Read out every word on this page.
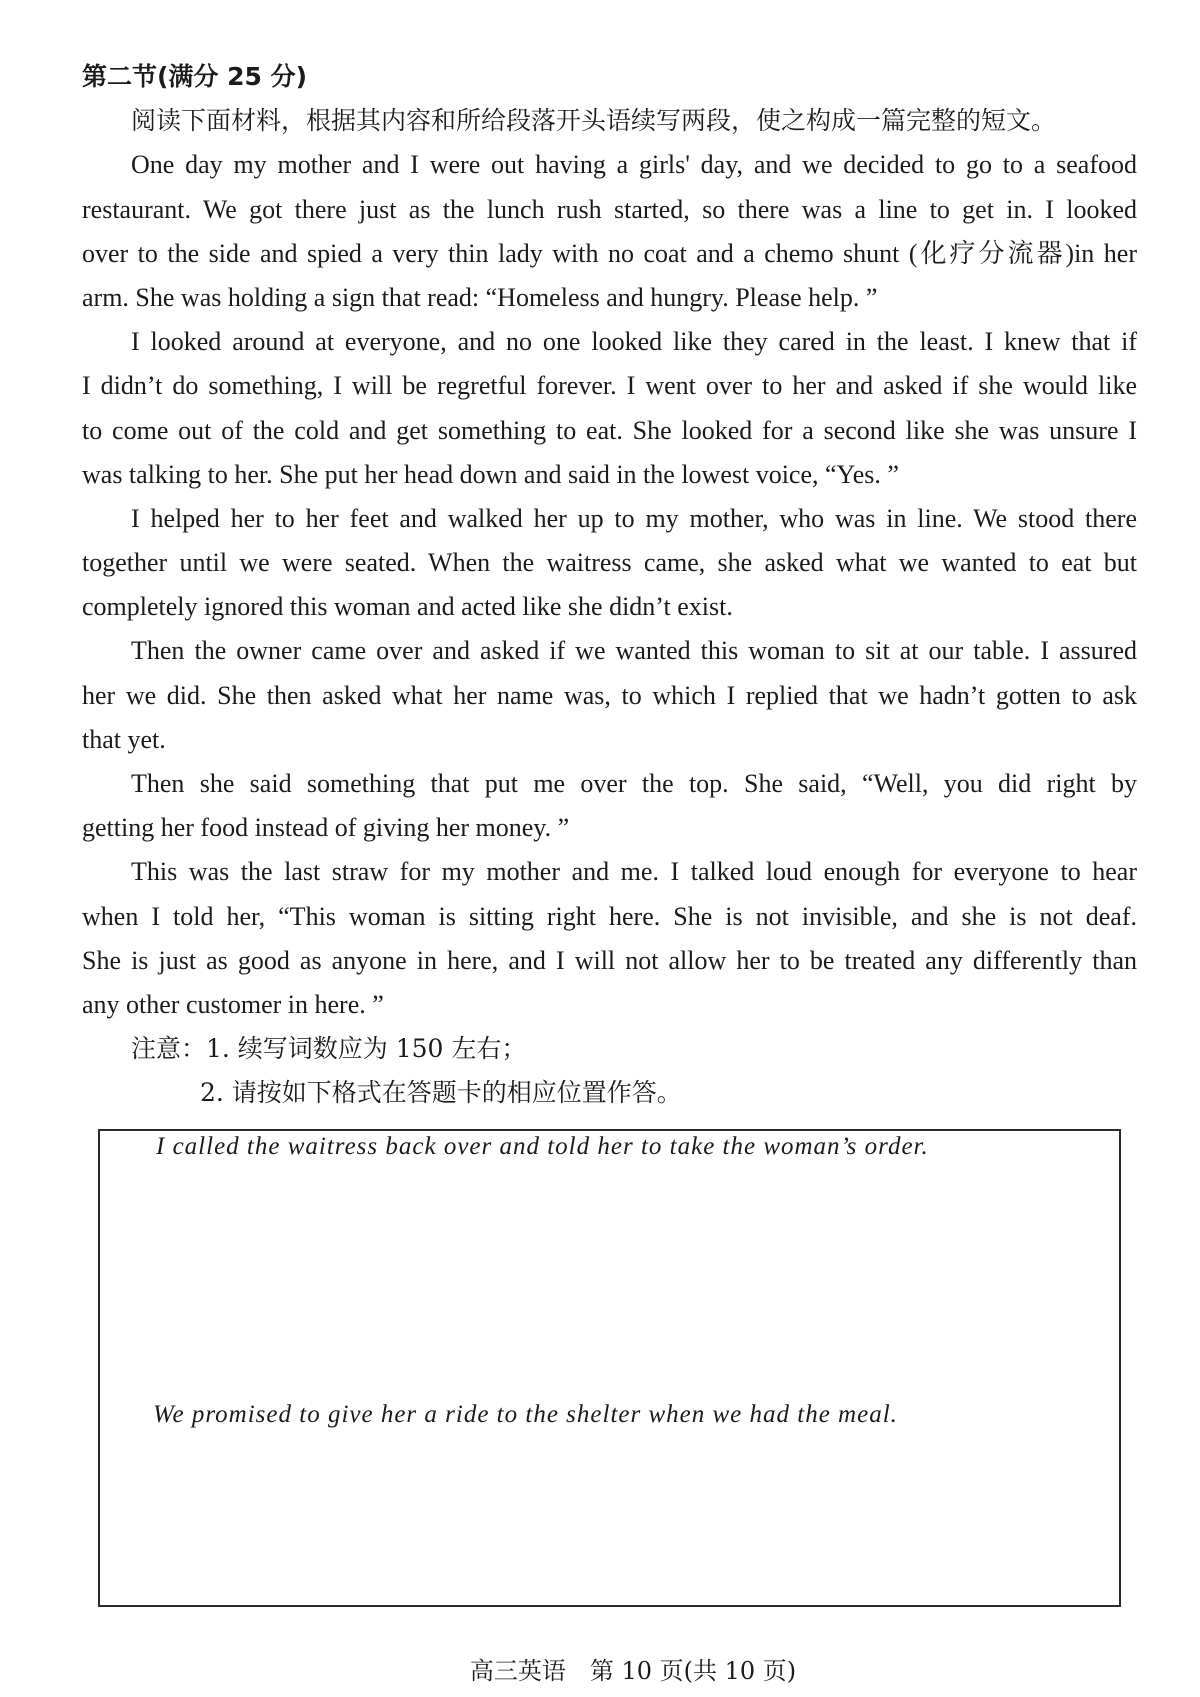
第二节(满分 25 分)
阅读下面材料，根据其内容和所给段落开头语续写两段，使之构成一篇完整的短文。
One day my mother and I were out having a girls' day, and we decided to go to a seafood
restaurant. We got there just as the lunch rush started, so there was a line to get in. I looked
over to the side and spied a very thin lady with no coat and a chemo shunt (化疗分流器)in her
arm. She was holding a sign that read: “Homeless and hungry. Please help. ”
I looked around at everyone, and no one looked like they cared in the least. I knew that if
I didn’t do something, I will be regretful forever. I went over to her and asked if she would like
to come out of the cold and get something to eat. She looked for a second like she was unsure I
was talking to her. She put her head down and said in the lowest voice, “Yes. ”
I helped her to her feet and walked her up to my mother, who was in line. We stood there
together until we were seated. When the waitress came, she asked what we wanted to eat but
completely ignored this woman and acted like she didn’t exist.
Then the owner came over and asked if we wanted this woman to sit at our table. I assured
her we did. She then asked what her name was, to which I replied that we hadn’t gotten to ask
that yet.
Then she said something that put me over the top. She said, “Well, you did right by
getting her food instead of giving her money. ”
This was the last straw for my mother and me. I talked loud enough for everyone to hear
when I told her, “This woman is sitting right here. She is not invisible, and she is not deaf.
She is just as good as anyone in here, and I will not allow her to be treated any differently than
any other customer in here. ”
注意：1. 续写词数应为 150 左右；
2. 请按如下格式在答题卡的相应位置作答。
I called the waitress back over and told her to take the woman’s order.
We promised to give her a ride to the shelter when we had the meal.
高三英语　第 10 页(共 10 页)
